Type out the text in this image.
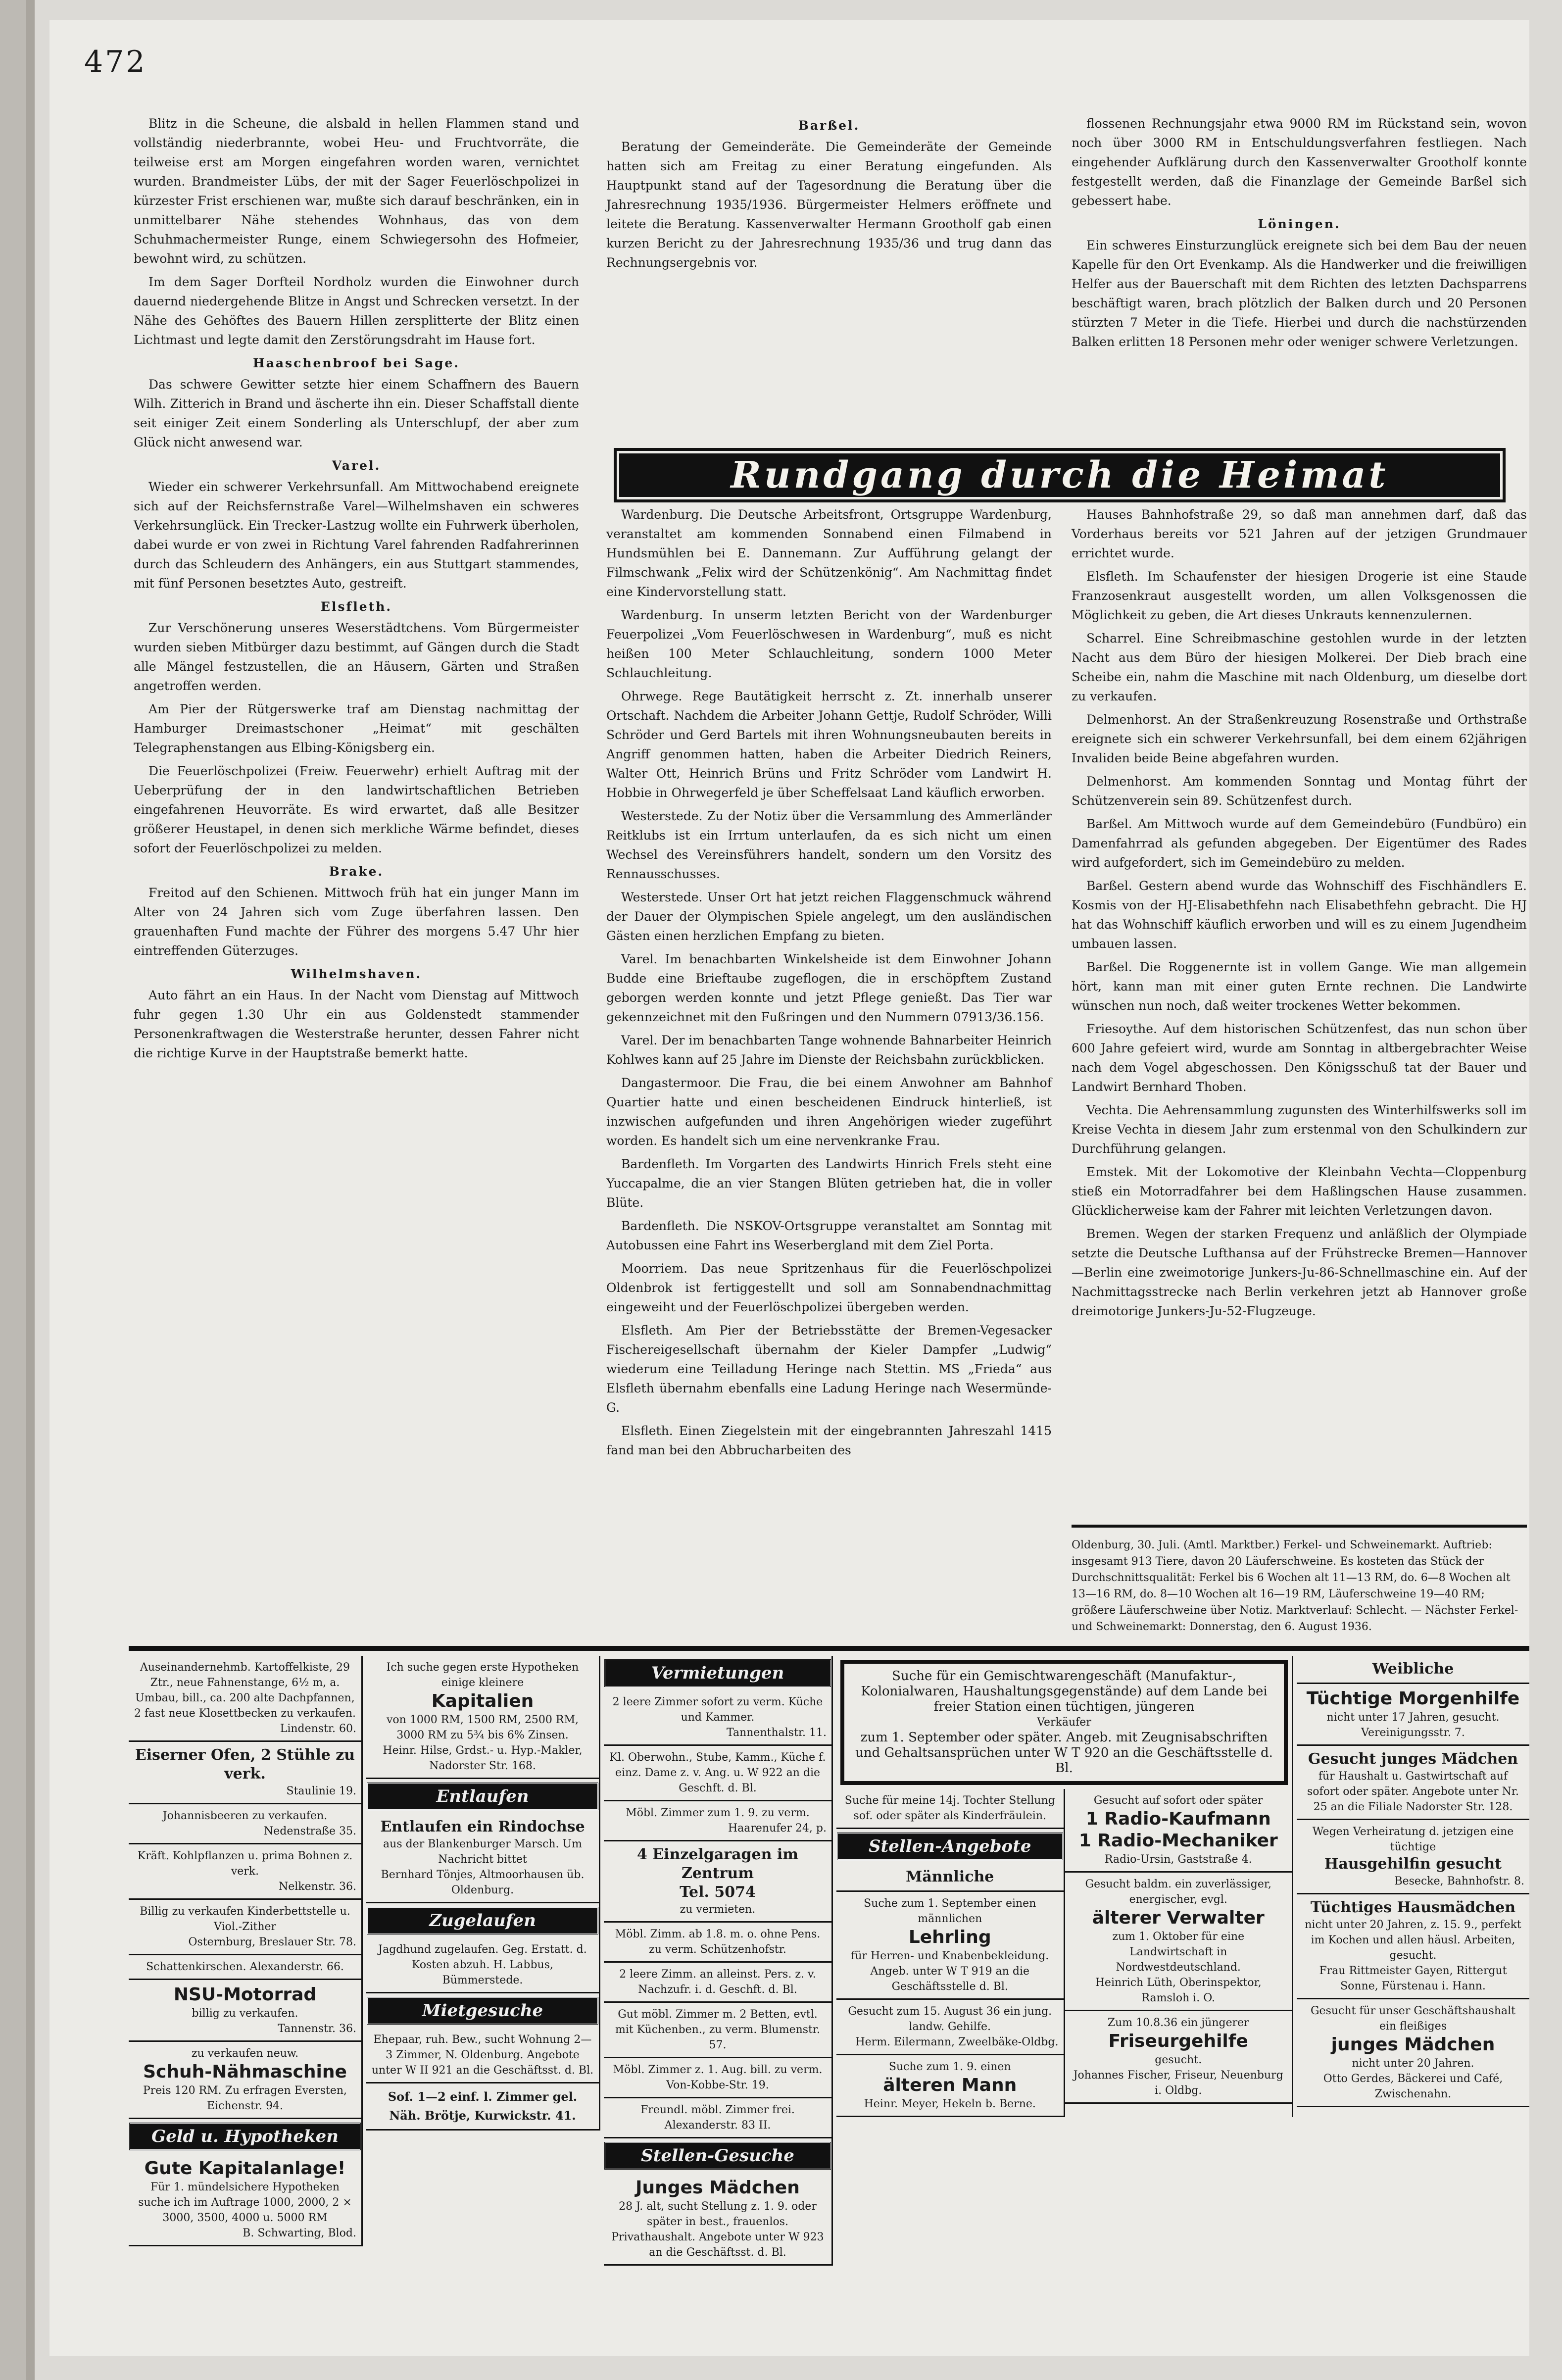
472

Blitz in die Scheune, die alsbald in hellen Flammen stand und vollständig niederbrannte, wobei Heu- und Fruchtvorräte, die teilweise erst am Morgen eingefahren worden waren, vernichtet wurden. Brandmeister Lübs, der mit der Sager Feuerlöschpolizei in kürzester Frist erschienen war, mußte sich darauf beschränken, ein in unmittelbarer Nähe stehendes Wohnhaus, das von dem Schuhmachermeister Runge, einem Schwiegersohn des Hofmeier, bewohnt wird, zu schützen.

Im dem Sager Dorfteil Nordholz wurden die Einwohner durch dauernd niedergehende Blitze in Angst und Schrecken versetzt. In der Nähe des Gehöftes des Bauern Hillen zersplitterte der Blitz einen Lichtmast und legte damit den Zerstörungsdraht im Hause fort.

Haaschenbroof bei Sage.

Das schwere Gewitter setzte hier einem Schaffnern des Bauern Wilh. Zitterich in Brand und äscherte ihn ein. Dieser Schaffstall diente seit einiger Zeit einem Sonderling als Unterschlupf, der aber zum Glück nicht anwesend war.

Varel.

Wieder ein schwerer Verkehrsunfall. Am Mittwochabend ereignete sich auf der Reichsfernstraße Varel—Wilhelmshaven ein schweres Verkehrsunglück. Ein Trecker-Lastzug wollte ein Fuhrwerk überholen, dabei wurde er von zwei in Richtung Varel fahrenden Radfahrerinnen durch das Schleudern des Anhängers, ein aus Stuttgart stammendes, mit fünf Personen besetztes Auto, gestreift.

Elsfleth.

Zur Verschönerung unseres Weserstädtchens. Vom Bürgermeister wurden sieben Mitbürger dazu bestimmt, auf Gängen durch die Stadt alle Mängel festzustellen, die an Häusern, Gärten und Straßen angetroffen werden.

Am Pier der Rütgerswerke traf am Dienstag nachmittag der Hamburger Dreimastschoner „Heimat“ mit geschälten Telegraphenstangen aus Elbing-Königsberg ein.

Die Feuerlöschpolizei (Freiw. Feuerwehr) erhielt Auftrag mit der Ueberprüfung der in den landwirtschaftlichen Betrieben eingefahrenen Heuvorräte. Es wird erwartet, daß alle Besitzer größerer Heustapel, in denen sich merkliche Wärme befindet, dieses sofort der Feuerlöschpolizei zu melden.

Brake.

Freitod auf den Schienen. Mittwoch früh hat ein junger Mann im Alter von 24 Jahren sich vom Zuge überfahren lassen. Den grauenhaften Fund machte der Führer des morgens 5.47 Uhr hier eintreffenden Güterzuges.

Wilhelmshaven.

Auto fährt an ein Haus. In der Nacht vom Dienstag auf Mittwoch fuhr gegen 1.30 Uhr ein aus Goldenstedt stammender Personenkraftwagen die Westerstraße herunter, dessen Fahrer nicht die richtige Kurve in der Hauptstraße bemerkt hatte.

Barßel.

Beratung der Gemeinderäte. Die Gemeinderäte der Gemeinde hatten sich am Freitag zu einer Beratung eingefunden. Als Hauptpunkt stand auf der Tagesordnung die Beratung über die Jahresrechnung 1935/1936. Bürgermeister Helmers eröffnete und leitete die Beratung. Kassenverwalter Hermann Grootholf gab einen kurzen Bericht zu der Jahresrechnung 1935/36 und trug dann das Rechnungsergebnis vor.

flossenen Rechnungsjahr etwa 9000 RM im Rückstand sein, wovon noch über 3000 RM in Entschuldungsverfahren festliegen. Nach eingehender Aufklärung durch den Kassenverwalter Grootholf konnte festgestellt werden, daß die Finanzlage der Gemeinde Barßel sich gebessert habe.

Löningen.

Ein schweres Einsturzunglück ereignete sich bei dem Bau der neuen Kapelle für den Ort Evenkamp. Als die Handwerker und die freiwilligen Helfer aus der Bauerschaft mit dem Richten des letzten Dachsparrens beschäftigt waren, brach plötzlich der Balken durch und 20 Personen stürzten 7 Meter in die Tiefe. Hierbei und durch die nachstürzenden Balken erlitten 18 Personen mehr oder weniger schwere Verletzungen.

Rundgang durch die Heimat

Wardenburg. Die Deutsche Arbeitsfront, Ortsgruppe Wardenburg, veranstaltet am kommenden Sonnabend einen Filmabend in Hundsmühlen bei E. Dannemann. Zur Aufführung gelangt der Filmschwank „Felix wird der Schützenkönig“. Am Nachmittag findet eine Kindervorstellung statt.

Wardenburg. In unserm letzten Bericht von der Wardenburger Feuerpolizei „Vom Feuerlöschwesen in Wardenburg“, muß es nicht heißen 100 Meter Schlauchleitung, sondern 1000 Meter Schlauchleitung.

Ohrwege. Rege Bautätigkeit herrscht z. Zt. innerhalb unserer Ortschaft. Nachdem die Arbeiter Johann Gettje, Rudolf Schröder, Willi Schröder und Gerd Bartels mit ihren Wohnungsneubauten bereits in Angriff genommen hatten, haben die Arbeiter Diedrich Reiners, Walter Ott, Heinrich Brüns und Fritz Schröder vom Landwirt H. Hobbie in Ohrwegerfeld je über Scheffelsaat Land käuflich erworben.

Westerstede. Zu der Notiz über die Versammlung des Ammerländer Reitklubs ist ein Irrtum unterlaufen, da es sich nicht um einen Wechsel des Vereinsführers handelt, sondern um den Vorsitz des Rennausschusses.

Westerstede. Unser Ort hat jetzt reichen Flaggenschmuck während der Dauer der Olympischen Spiele angelegt, um den ausländischen Gästen einen herzlichen Empfang zu bieten.

Varel. Im benachbarten Winkelsheide ist dem Einwohner Johann Budde eine Brieftaube zugeflogen, die in erschöpftem Zustand geborgen werden konnte und jetzt Pflege genießt. Das Tier war gekennzeichnet mit den Fußringen und den Nummern 07913/36.156.

Varel. Der im benachbarten Tange wohnende Bahnarbeiter Heinrich Kohlwes kann auf 25 Jahre im Dienste der Reichsbahn zurückblicken.

Dangastermoor. Die Frau, die bei einem Anwohner am Bahnhof Quartier hatte und einen bescheidenen Eindruck hinterließ, ist inzwischen aufgefunden und ihren Angehörigen wieder zugeführt worden. Es handelt sich um eine nervenkranke Frau.

Bardenfleth. Im Vorgarten des Landwirts Hinrich Frels steht eine Yuccapalme, die an vier Stangen Blüten getrieben hat, die in voller Blüte.

Bardenfleth. Die NSKOV-Ortsgruppe veranstaltet am Sonntag mit Autobussen eine Fahrt ins Weserbergland mit dem Ziel Porta.

Moorriem. Das neue Spritzenhaus für die Feuerlöschpolizei Oldenbrok ist fertiggestellt und soll am Sonnabendnachmittag eingeweiht und der Feuerlöschpolizei übergeben werden.

Elsfleth. Am Pier der Betriebsstätte der Bremen-Vegesacker Fischereigesellschaft übernahm der Kieler Dampfer „Ludwig“ wiederum eine Teilladung Heringe nach Stettin. MS „Frieda“ aus Elsfleth übernahm ebenfalls eine Ladung Heringe nach Wesermünde-G.

Elsfleth. Einen Ziegelstein mit der eingebrannten Jahreszahl 1415 fand man bei den Abbrucharbeiten des

Hauses Bahnhofstraße 29, so daß man annehmen darf, daß das Vorderhaus bereits vor 521 Jahren auf der jetzigen Grundmauer errichtet wurde.

Elsfleth. Im Schaufenster der hiesigen Drogerie ist eine Staude Franzosenkraut ausgestellt worden, um allen Volksgenossen die Möglichkeit zu geben, die Art dieses Unkrauts kennenzulernen.

Scharrel. Eine Schreibmaschine gestohlen wurde in der letzten Nacht aus dem Büro der hiesigen Molkerei. Der Dieb brach eine Scheibe ein, nahm die Maschine mit nach Oldenburg, um dieselbe dort zu verkaufen.

Delmenhorst. An der Straßenkreuzung Rosenstraße und Orthstraße ereignete sich ein schwerer Verkehrsunfall, bei dem einem 62jährigen Invaliden beide Beine abgefahren wurden.

Delmenhorst. Am kommenden Sonntag und Montag führt der Schützenverein sein 89. Schützenfest durch.

Barßel. Am Mittwoch wurde auf dem Gemeindebüro (Fundbüro) ein Damenfahrrad als gefunden abgegeben. Der Eigentümer des Rades wird aufgefordert, sich im Gemeindebüro zu melden.

Barßel. Gestern abend wurde das Wohnschiff des Fischhändlers E. Kosmis von der HJ-Elisabethfehn nach Elisabethfehn gebracht. Die HJ hat das Wohnschiff käuflich erworben und will es zu einem Jugendheim umbauen lassen.

Barßel. Die Roggenernte ist in vollem Gange. Wie man allgemein hört, kann man mit einer guten Ernte rechnen. Die Landwirte wünschen nun noch, daß weiter trockenes Wetter bekommen.

Friesoythe. Auf dem historischen Schützenfest, das nun schon über 600 Jahre gefeiert wird, wurde am Sonntag in altbergebrachter Weise nach dem Vogel abgeschossen. Den Königsschuß tat der Bauer und Landwirt Bernhard Thoben.

Vechta. Die Aehrensammlung zugunsten des Winterhilfswerks soll im Kreise Vechta in diesem Jahr zum erstenmal von den Schulkindern zur Durchführung gelangen.

Emstek. Mit der Lokomotive der Kleinbahn Vechta—Cloppenburg stieß ein Motorradfahrer bei dem Haßlingschen Hause zusammen. Glücklicherweise kam der Fahrer mit leichten Verletzungen davon.

Bremen. Wegen der starken Frequenz und anläßlich der Olympiade setzte die Deutsche Lufthansa auf der Frühstrecke Bremen—Hannover—Berlin eine zweimotorige Junkers-Ju-86-Schnellmaschine ein. Auf der Nachmittagsstrecke nach Berlin verkehren jetzt ab Hannover große dreimotorige Junkers-Ju-52-Flugzeuge.

Oldenburg, 30. Juli. (Amtl. Marktber.) Ferkel- und Schweinemarkt. Auftrieb: insgesamt 913 Tiere, davon 20 Läuferschweine. Es kosteten das Stück der Durchschnittsqualität: Ferkel bis 6 Wochen alt 11—13 RM, do. 6—8 Wochen alt 13—16 RM, do. 8—10 Wochen alt 16—19 RM, Läuferschweine 19—40 RM; größere Läuferschweine über Notiz. Marktverlauf: Schlecht. — Nächster Ferkel- und Schweinemarkt: Donnerstag, den 6. August 1936.
Auseinandernehmb. Kartoffelkiste, 29 Ztr., neue Fahnenstange, 6½ m, a. Umbau, bill., ca. 200 alte Dachpfannen, 2 fast neue Klosettbecken zu verkaufen.
Lindenstr. 60.
Eiserner Ofen, 2 Stühle zu verk.
Staulinie 19.
Johannisbeeren zu verkaufen.
Nedenstraße 35.
Kräft. Kohlpflanzen u. prima Bohnen z. verk.
Nelkenstr. 36.
Billig zu verkaufen Kinderbettstelle u. Viol.-Zither
Osternburg, Breslauer Str. 78.
Schattenkirschen. Alexanderstr. 66.
NSU-Motorrad
billig zu verkaufen.
Tannenstr. 36.
zu verkaufen neuw.
Schuh-Nähmaschine
Preis 120 RM. Zu erfragen Eversten, Eichenstr. 94.
Geld u. Hypotheken
Gute Kapitalanlage!
Für 1. mündelsichere Hypotheken suche ich im Auftrage 1000, 2000, 2 × 3000, 3500, 4000 u. 5000 RM
B. Schwarting, Blod.
Ich suche gegen erste Hypotheken einige kleinere
Kapitalien
von 1000 RM, 1500 RM, 2500 RM, 3000 RM zu 5¾ bis 6% Zinsen.
Heinr. Hilse, Grdst.- u. Hyp.-Makler, Nadorster Str. 168.
Entlaufen
Entlaufen ein Rindochse
aus der Blankenburger Marsch. Um Nachricht bittet
Bernhard Tönjes, Altmoorhausen üb. Oldenburg.
Zugelaufen
Jagdhund zugelaufen. Geg. Erstatt. d. Kosten abzuh. H. Labbus, Bümmerstede.
Mietgesuche
Ehepaar, ruh. Bew., sucht Wohnung 2—3 Zimmer, N. Oldenburg. Angebote unter W II 921 an die Geschäftsst. d. Bl.
Sof. 1—2 einf. l. Zimmer gel. Näh. Brötje, Kurwickstr. 41.
Vermietungen
2 leere Zimmer sofort zu verm. Küche und Kammer.
Tannenthalstr. 11.
Kl. Oberwohn., Stube, Kamm., Küche f. einz. Dame z. v. Ang. u. W 922 an die Geschft. d. Bl.
Möbl. Zimmer zum 1. 9. zu verm.
Haarenufer 24, p.
4 Einzelgaragen im Zentrum
Tel. 5074
zu vermieten.
Möbl. Zimm. ab 1.8. m. o. ohne Pens. zu verm. Schützenhofstr.
2 leere Zimm. an alleinst. Pers. z. v. Nachzufr. i. d. Geschft. d. Bl.
Gut möbl. Zimmer m. 2 Betten, evtl. mit Küchenben., zu verm. Blumenstr. 57.
Möbl. Zimmer z. 1. Aug. bill. zu verm. Von-Kobbe-Str. 19.
Freundl. möbl. Zimmer frei. Alexanderstr. 83 II.
Stellen-Gesuche
Junges Mädchen
28 J. alt, sucht Stellung z. 1. 9. oder später in best., frauenlos. Privathaushalt. Angebote unter W 923 an die Geschäftsst. d. Bl.
Suche für ein Gemischtwarengeschäft (Manufaktur-, Kolonialwaren, Haushaltungsgegenstände) auf dem Lande bei freier Station einen tüchtigen, jüngeren
Verkäufer
zum 1. September oder später. Angeb. mit Zeugnisabschriften und Gehaltsansprüchen unter W T 920 an die Geschäftsstelle d. Bl.
Suche für meine 14j. Tochter Stellung sof. oder später als Kinderfräulein.
Stellen-Angebote
Männliche
Suche zum 1. September einen männlichen
Lehrling
für Herren- und Knabenbekleidung. Angeb. unter W T 919 an die Geschäftsstelle d. Bl.
Gesucht zum 15. August 36 ein jung. landw. Gehilfe.
Herm. Eilermann, Zweelbäke-Oldbg.
Suche zum 1. 9. einen
älteren Mann
Heinr. Meyer, Hekeln b. Berne.
Gesucht auf sofort oder später
1 Radio-Kaufmann
1 Radio-Mechaniker
Radio-Ursin, Gaststraße 4.
Gesucht baldm. ein zuverlässiger, energischer, evgl.
älterer Verwalter
zum 1. Oktober für eine Landwirtschaft in Nordwestdeutschland.
Heinrich Lüth, Oberinspektor, Ramsloh i. O.
Zum 10.8.36 ein jüngerer
Friseurgehilfe
gesucht.
Johannes Fischer, Friseur, Neuenburg i. Oldbg.
Weibliche
Tüchtige Morgenhilfe
nicht unter 17 Jahren, gesucht. Vereinigungsstr. 7.
Gesucht junges Mädchen
für Haushalt u. Gastwirtschaft auf sofort oder später. Angebote unter Nr. 25 an die Filiale Nadorster Str. 128.
Wegen Verheiratung d. jetzigen eine tüchtige
Hausgehilfin gesucht
Besecke, Bahnhofstr. 8.
Tüchtiges Hausmädchen
nicht unter 20 Jahren, z. 15. 9., perfekt im Kochen und allen häusl. Arbeiten, gesucht.
Frau Rittmeister Gayen, Rittergut Sonne, Fürstenau i. Hann.
Gesucht für unser Geschäftshaushalt ein fleißiges
junges Mädchen
nicht unter 20 Jahren.
Otto Gerdes, Bäckerei und Café, Zwischenahn.
